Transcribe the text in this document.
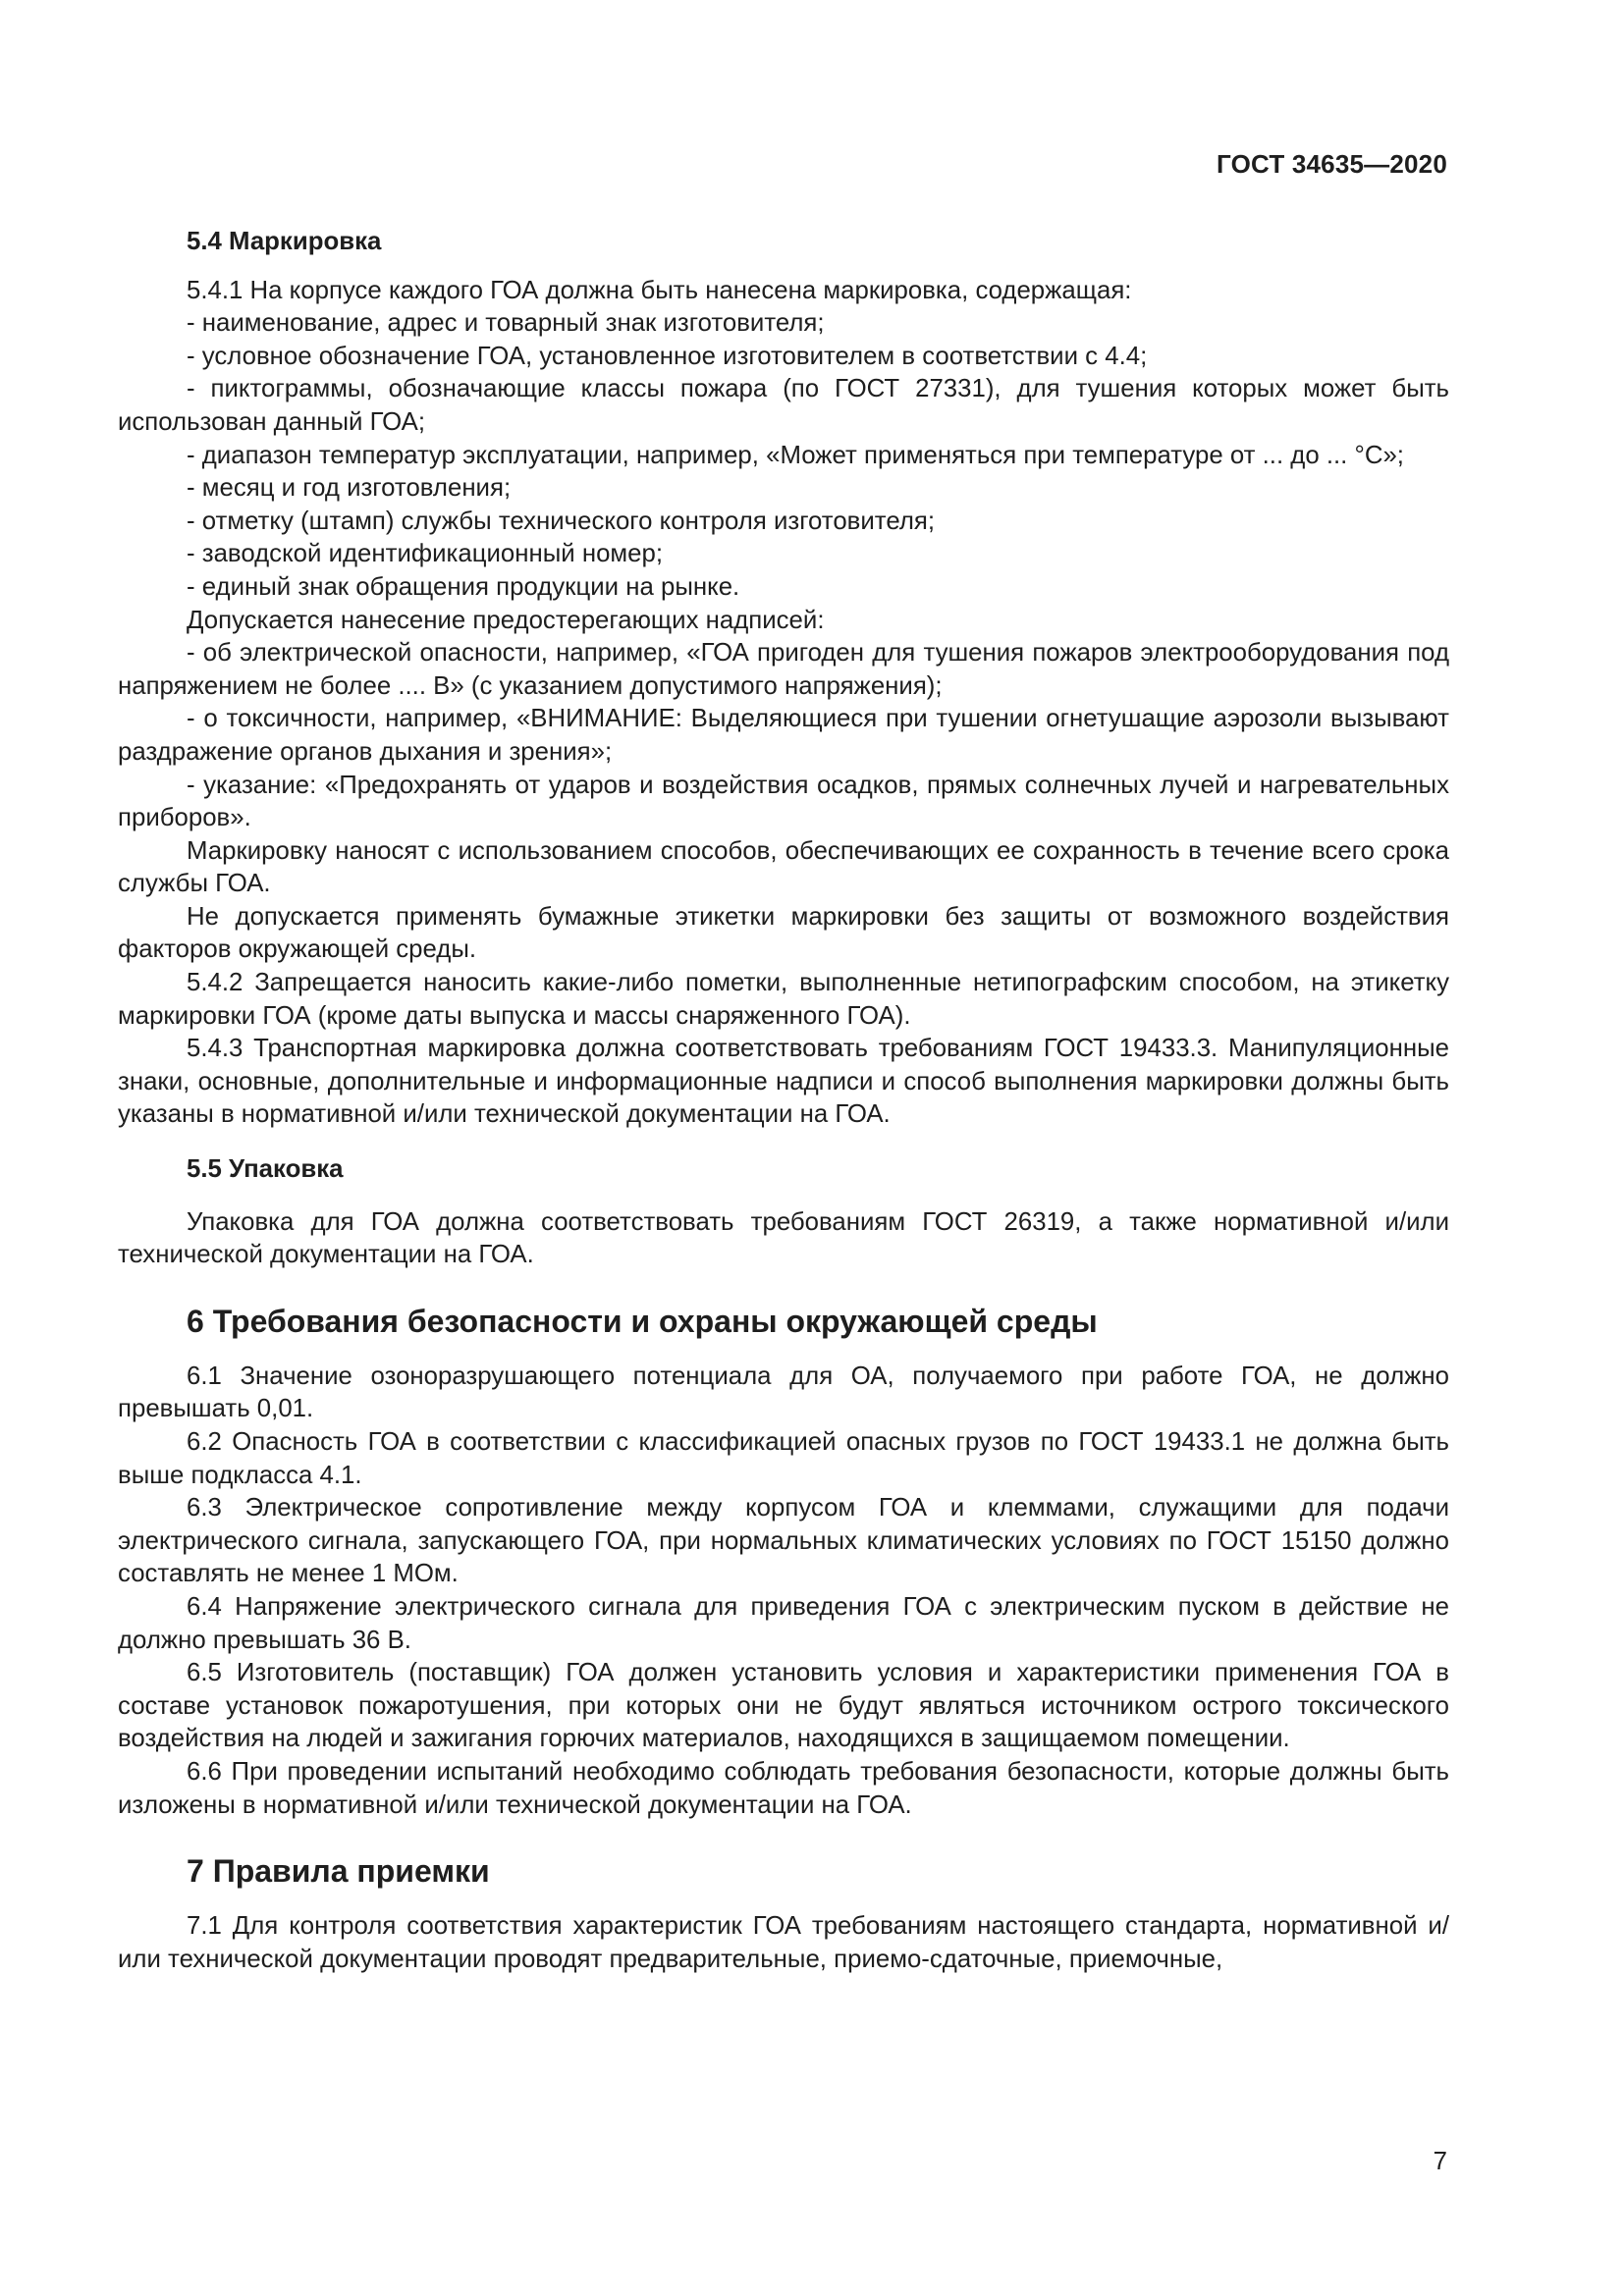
ГОСТ 34635—2020
5.4 Маркировка

5.4.1 На корпусе каждого ГОА должна быть нанесена маркировка, содержащая:

- наименование, адрес и товарный знак изготовителя;

- условное обозначение ГОА, установленное изготовителем в соответствии с 4.4;

- пиктограммы, обозначающие классы пожара (по ГОСТ 27331), для тушения которых может быть использован данный ГОА;

- диапазон температур эксплуатации, например, «Может применяться при температуре от ... до ... °С»;

- месяц и год изготовления;

- отметку (штамп) службы технического контроля изготовителя;

- заводской идентификационный номер;

- единый знак обращения продукции на рынке.

Допускается нанесение предостерегающих надписей:

- об электрической опасности, например, «ГОА пригоден для тушения пожаров электрооборудования под напряжением не более .... В» (с указанием допустимого напряжения);

- о токсичности, например, «ВНИМАНИЕ: Выделяющиеся при тушении огнетушащие аэрозоли вызывают раздражение органов дыхания и зрения»;

- указание: «Предохранять от ударов и воздействия осадков, прямых солнечных лучей и нагревательных приборов».

Маркировку наносят с использованием способов, обеспечивающих ее сохранность в течение всего срока службы ГОА.

Не допускается применять бумажные этикетки маркировки без защиты от возможного воздействия факторов окружающей среды.

5.4.2 Запрещается наносить какие-либо пометки, выполненные нетипографским способом, на этикетку маркировки ГОА (кроме даты выпуска и массы снаряженного ГОА).

5.4.3 Транспортная маркировка должна соответствовать требованиям ГОСТ 19433.3. Манипуляционные знаки, основные, дополнительные и информационные надписи и способ выполнения маркировки должны быть указаны в нормативной и/или технической документации на ГОА.

5.5 Упаковка

Упаковка для ГОА должна соответствовать требованиям ГОСТ 26319, а также нормативной и/или технической документации на ГОА.

6 Требования безопасности и охраны окружающей среды

6.1 Значение озоноразрушающего потенциала для ОА, получаемого при работе ГОА, не должно превышать 0,01.

6.2 Опасность ГОА в соответствии с классификацией опасных грузов по ГОСТ 19433.1 не должна быть выше подкласса 4.1.

6.3 Электрическое сопротивление между корпусом ГОА и клеммами, служащими для подачи электрического сигнала, запускающего ГОА, при нормальных климатических условиях по ГОСТ 15150 должно составлять не менее 1 МОм.

6.4 Напряжение электрического сигнала для приведения ГОА с электрическим пуском в действие не должно превышать 36 В.

6.5 Изготовитель (поставщик) ГОА должен установить условия и характеристики применения ГОА в составе установок пожаротушения, при которых они не будут являться источником острого токсического воздействия на людей и зажигания горючих материалов, находящихся в защищаемом помещении.

6.6 При проведении испытаний необходимо соблюдать требования безопасности, которые должны быть изложены в нормативной и/или технической документации на ГОА.

7 Правила приемки

7.1 Для контроля соответствия характеристик ГОА требованиям настоящего стандарта, нормативной и/или технической документации проводят предварительные, приемо-сдаточные, приемочные,

7
